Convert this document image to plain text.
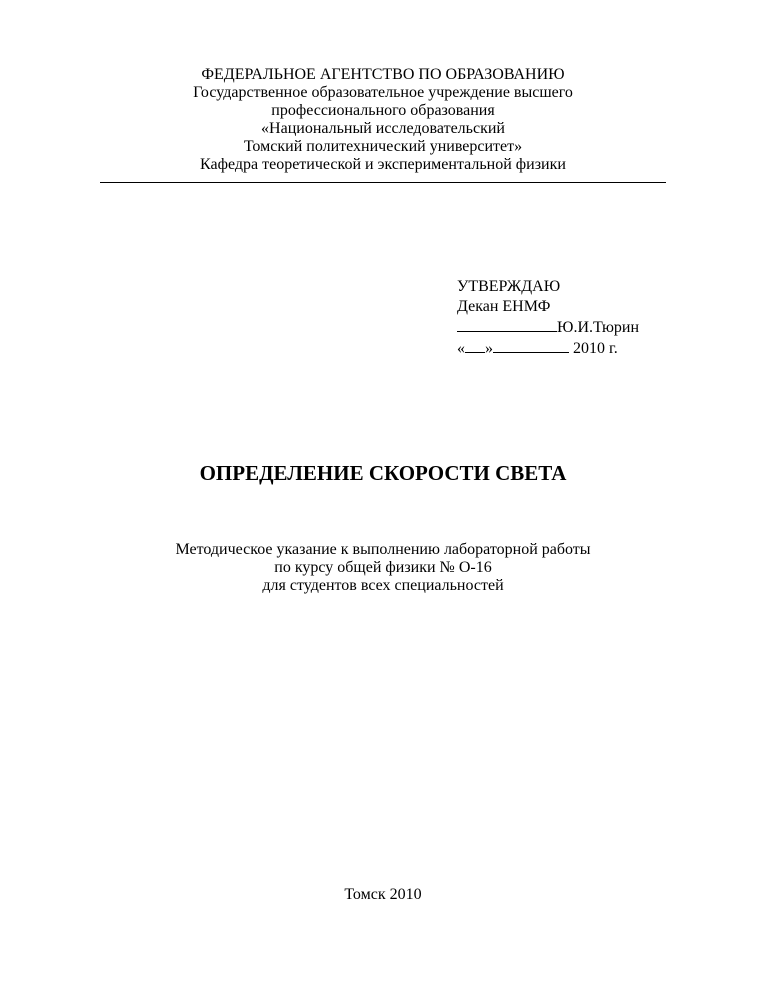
ФЕДЕРАЛЬНОЕ АГЕНТСТВО ПО ОБРАЗОВАНИЮ
Государственное образовательное учреждение высшего
профессионального образования
«Национальный исследовательский
Томский политехнический университет»
Кафедра теоретической и экспериментальной физики
УТВЕРЖДАЮ
Декан ЕНМФ
Ю.И.Тюрин
« »	2010 г.
ОПРЕДЕЛЕНИЕ СКОРОСТИ СВЕТА
Методическое указание к выполнению лабораторной работы
по курсу общей физики № О-16
для студентов всех специальностей
Томск 2010
